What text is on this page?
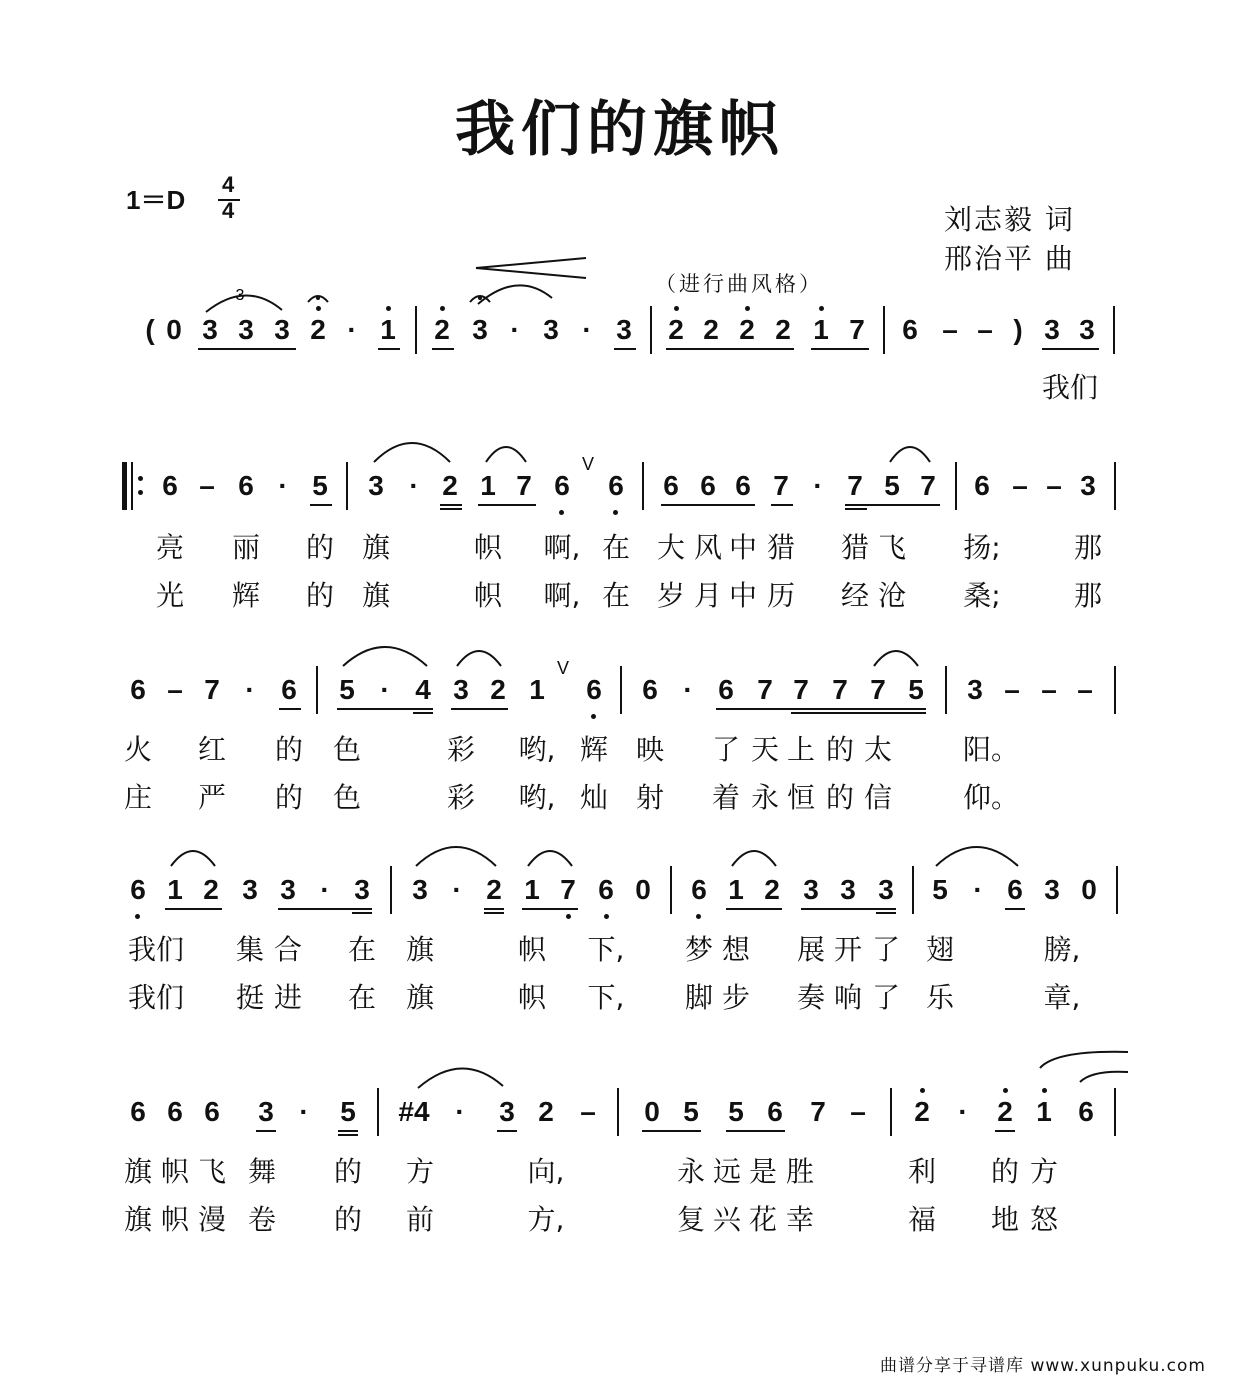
我们的旗帜
1＝D
4
4	刘志毅 词
邢治平 曲
（进行曲风格）
( 0 3 3 3 2 · 1 2 3 · 3 · 3 2 2 2 2 1 7 6 – – ) 3 3
3
我们
6 – 6 · 5 3 · 2 1 7 6
V
6 6 6 6 7 · 7 5 7 6 – – 3
亮 丽 的 旗	帜 啊, 在 大 风 中 猎 猎 飞 扬;	那
光 辉 的 旗	帜 啊, 在 岁 月 中 历 经 沧 桑;	那
6 – 7 · 6 5 · 4 3 2 1
V
6 6 · 6 7 7 7 7 5 3 – – –
火 红 的 色	彩 哟, 辉 映 了 天 上 的 太	阳。
庄 严 的 色	彩 哟, 灿 射 着 永 恒 的 信	仰。
6 1 2 3 3 · 3 3 · 2 1 7 6 0 6 1 2 3 3 3 5 · 6 3 0
我们	集 合 在 旗	帜 下, 梦 想 展 开 了 翅	膀,
我们	挺 进 在 旗	帜 下, 脚 步 奏 响 了 乐	章,
6 6 6 3 ·	5 #4 ·	3 2 – 0 5 5 6 7 – 2	·	2 1 6
旗 帜 飞 舞 的 方	向,	永 远 是 胜	利 的 方
旗 帜 漫 卷 的 前	方,	复 兴 花 幸	福 地 怒
曲谱分享于寻谱库 www.xunpuku.com
